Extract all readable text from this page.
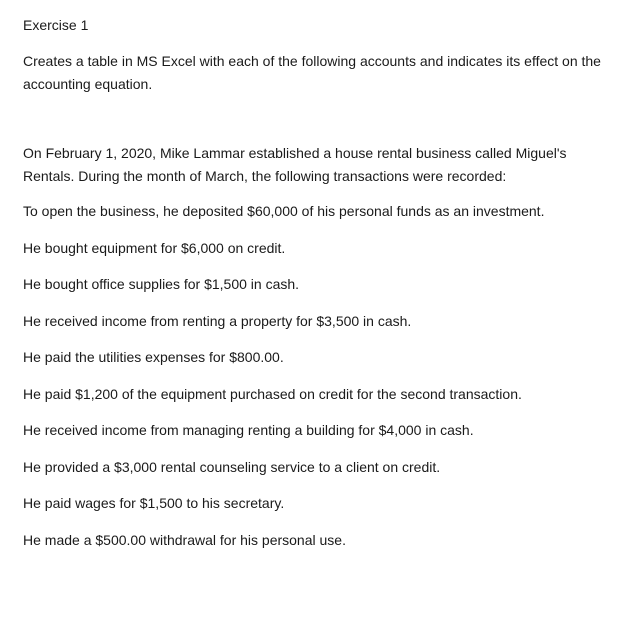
Exercise 1
Creates a table in MS Excel with each of the following accounts and indicates its effect on the accounting equation.
On February 1, 2020, Mike Lammar established a house rental business called Miguel's Rentals. During the month of March, the following transactions were recorded:
To open the business, he deposited $60,000 of his personal funds as an investment.
He bought equipment for $6,000 on credit.
He bought office supplies for $1,500 in cash.
He received income from renting a property for $3,500 in cash.
He paid the utilities expenses for $800.00.
He paid $1,200 of the equipment purchased on credit for the second transaction.
He received income from managing renting a building for $4,000 in cash.
He provided a $3,000 rental counseling service to a client on credit.
He paid wages for $1,500 to his secretary.
He made a $500.00 withdrawal for his personal use.
